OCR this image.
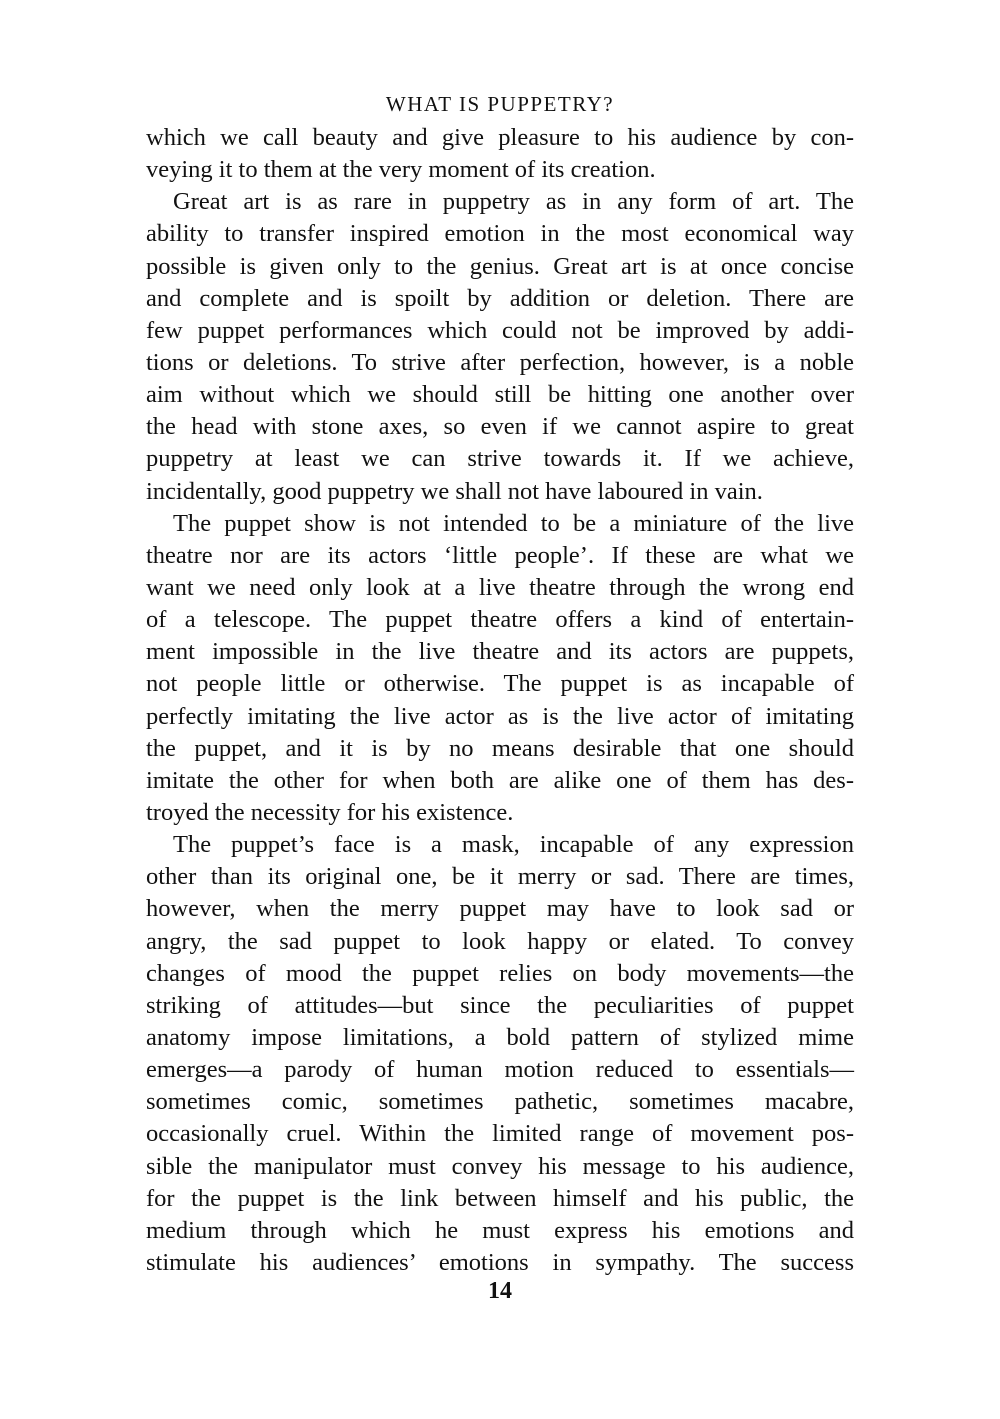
WHAT IS PUPPETRY?
which we call beauty and give pleasure to his audience by con-
veying it to them at the very moment of its creation.
Great art is as rare in puppetry as in any form of art. The
ability to transfer inspired emotion in the most economical way
possible is given only to the genius. Great art is at once concise
and complete and is spoilt by addition or deletion. There are
few puppet performances which could not be improved by addi-
tions or deletions. To strive after perfection, however, is a noble
aim without which we should still be hitting one another over
the head with stone axes, so even if we cannot aspire to great
puppetry at least we can strive towards it. If we achieve,
incidentally, good puppetry we shall not have laboured in vain.
The puppet show is not intended to be a miniature of the live
theatre nor are its actors ‘little people’. If these are what we
want we need only look at a live theatre through the wrong end
of a telescope. The puppet theatre offers a kind of entertain-
ment impossible in the live theatre and its actors are puppets,
not people little or otherwise. The puppet is as incapable of
perfectly imitating the live actor as is the live actor of imitating
the puppet, and it is by no means desirable that one should
imitate the other for when both are alike one of them has des-
troyed the necessity for his existence.
The puppet’s face is a mask, incapable of any expression
other than its original one, be it merry or sad. There are times,
however, when the merry puppet may have to look sad or
angry, the sad puppet to look happy or elated. To convey
changes of mood the puppet relies on body movements—the
striking of attitudes—but since the peculiarities of puppet
anatomy impose limitations, a bold pattern of stylized mime
emerges—a parody of human motion reduced to essentials—
sometimes comic, sometimes pathetic, sometimes macabre,
occasionally cruel. Within the limited range of movement pos-
sible the manipulator must convey his message to his audience,
for the puppet is the link between himself and his public, the
medium through which he must express his emotions and
stimulate his audiences’ emotions in sympathy. The success
14
